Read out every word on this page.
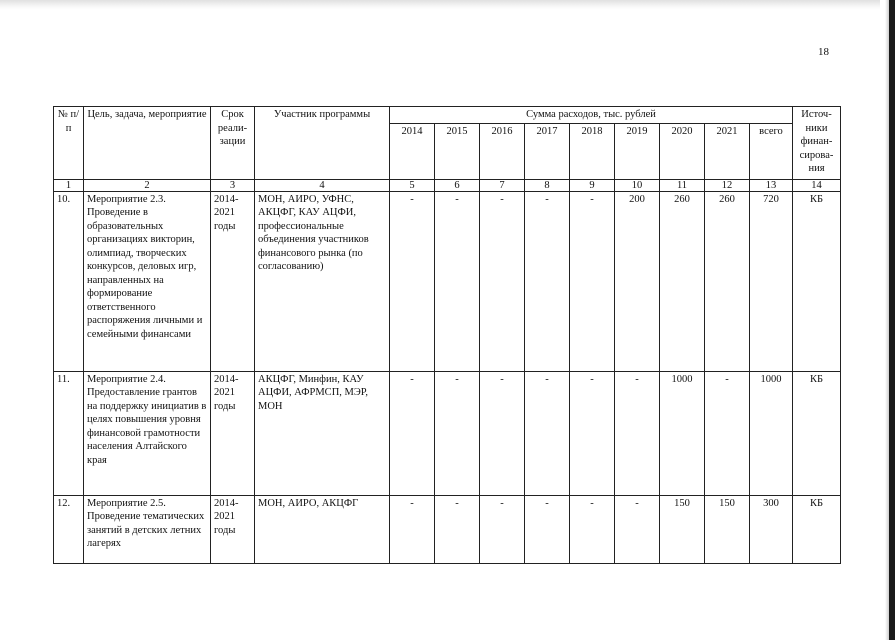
18
№ п/п	Цель, задача, мероприятие	Срок реали-зации	Участник программы	Сумма расходов, тыс. рублей									Источ-ники финан-сирова-ния
				2014	2015	2016	2017	2018	2019	2020	2021	всего	
1	2	3	4	5	6	7	8	9	10	11	12	13	14
10.	Мероприятие 2.3. Проведение в образовательных организациях викторин, олимпиад, творческих конкурсов, деловых игр, направленных на формирование ответственного распоряжения личными и семейными финансами	2014-2021 годы	МОН, АИРО, УФНС, АКЦФГ, КАУ АЦФИ, профессиональные объединения участников финансового рынка (по согласованию)	-	-	-	-	-	200	260	260	720	КБ
11.	Мероприятие 2.4. Предоставление грантов на поддержку инициатив в целях повышения уровня финансовой грамотности населения Алтайского края	2014-2021 годы	АКЦФГ, Минфин, КАУ АЦФИ, АФРМСП, МЭР, МОН	-	-	-	-	-	-	1000	-	1000	КБ
12.	Мероприятие 2.5. Проведение тематических занятий в детских летних лагерях	2014-2021 годы	МОН, АИРО, АКЦФГ	-	-	-	-	-	-	150	150	300	КБ
